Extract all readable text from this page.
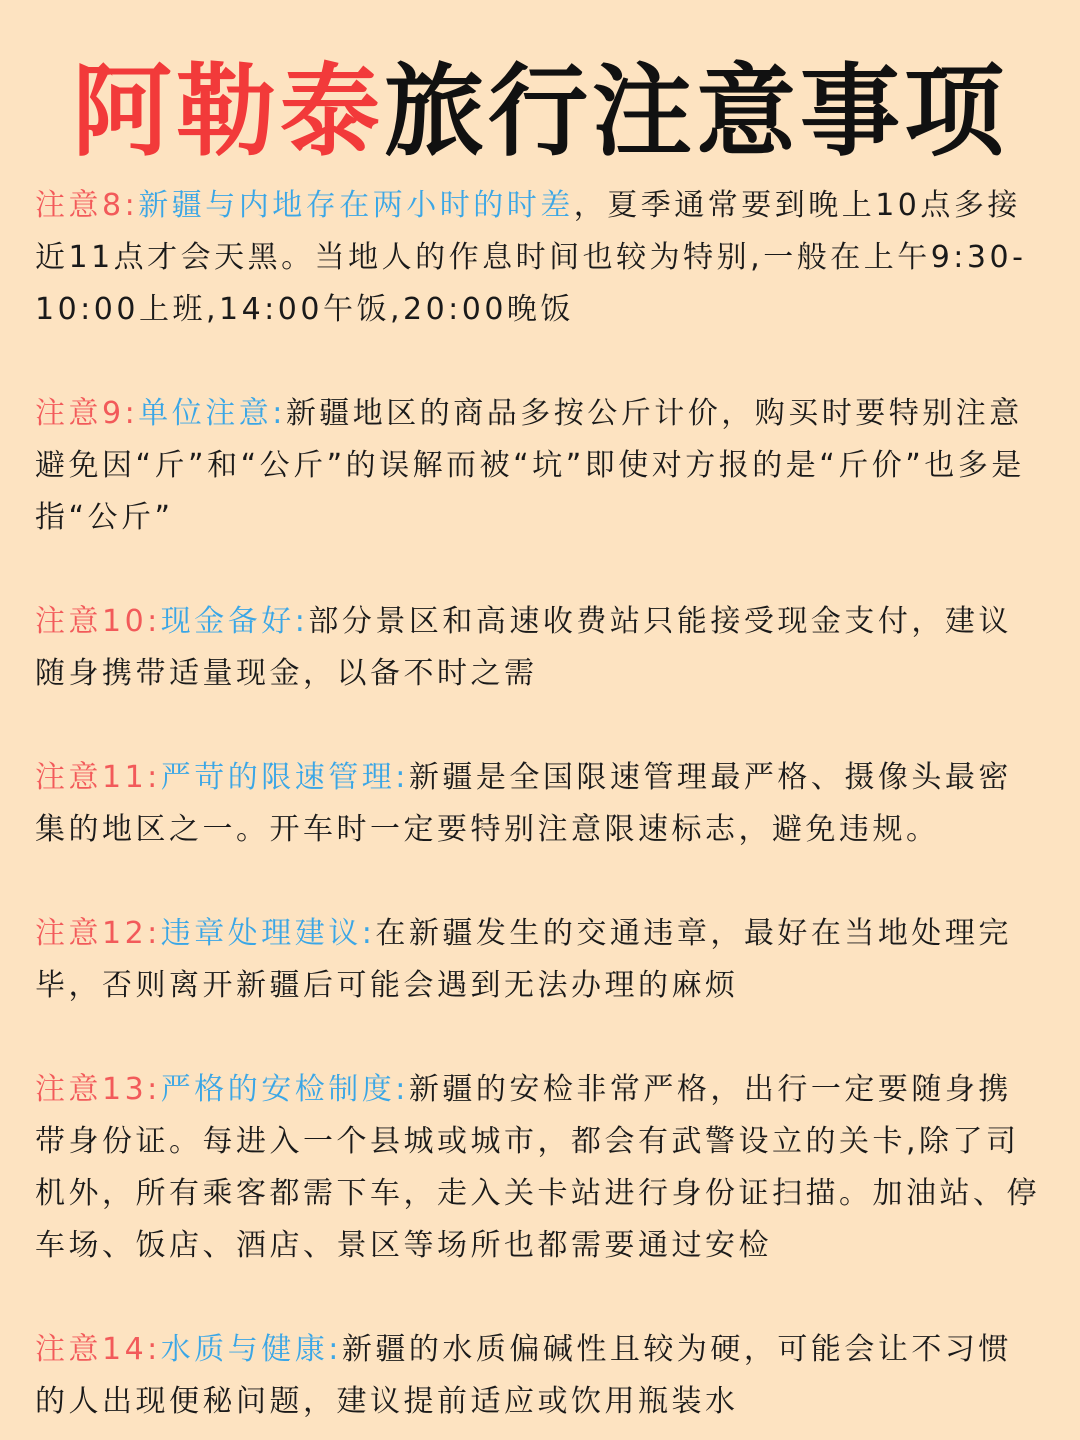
阿勒泰旅行注意事项

注意8:新疆与内地存在两小时的时差，夏季通常要到晚上10点多接近11点才会天黑。当地人的作息时间也较为特别,一般在上午9:30-10:00上班,14:00午饭,20:00晚饭

注意9:单位注意:新疆地区的商品多按公斤计价，购买时要特别注意避免因“斤”和“公斤”的误解而被“坑”即使对方报的是“斤价”也多是指“公斤”

注意10:现金备好:部分景区和高速收费站只能接受现金支付，建议随身携带适量现金，以备不时之需

注意11:严苛的限速管理:新疆是全国限速管理最严格、摄像头最密集的地区之一。开车时一定要特别注意限速标志，避免违规。

注意12:违章处理建议:在新疆发生的交通违章，最好在当地处理完毕，否则离开新疆后可能会遇到无法办理的麻烦

注意13:严格的安检制度:新疆的安检非常严格，出行一定要随身携带身份证。每进入一个县城或城市，都会有武警设立的关卡,除了司机外，所有乘客都需下车，走入关卡站进行身份证扫描。加油站、停车场、饭店、酒店、景区等场所也都需要通过安检

注意14:水质与健康:新疆的水质偏碱性且较为硬，可能会让不习惯的人出现便秘问题，建议提前适应或饮用瓶装水
